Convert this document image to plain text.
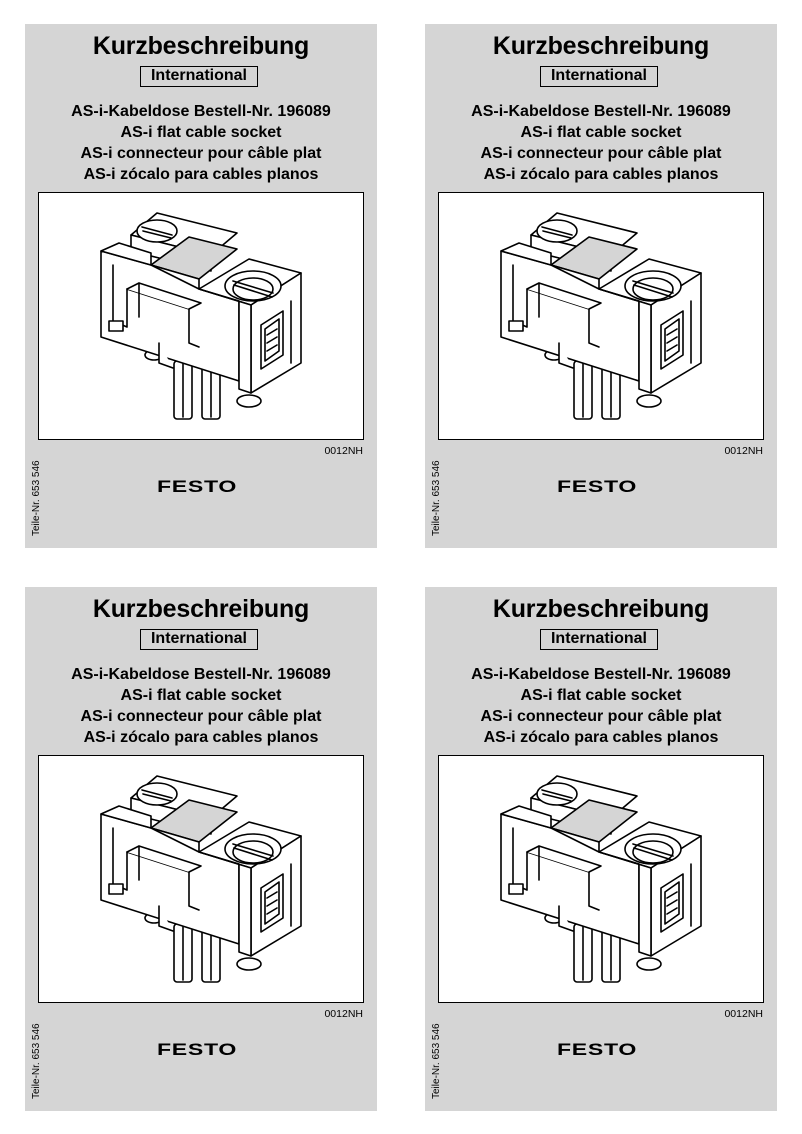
Kurzbeschreibung
International
AS-i-Kabeldose Bestell-Nr. 196089
AS-i flat cable socket
AS-i connecteur pour câble plat
AS-i zócalo para cables planos
0012NH
Teile-Nr. 653 546	FESTO
Kurzbeschreibung
International
AS-i-Kabeldose Bestell-Nr. 196089
AS-i flat cable socket
AS-i connecteur pour câble plat
AS-i zócalo para cables planos
0012NH
Teile-Nr. 653 546	FESTO
Kurzbeschreibung
International
AS-i-Kabeldose Bestell-Nr. 196089
AS-i flat cable socket
AS-i connecteur pour câble plat
AS-i zócalo para cables planos
0012NH
Teile-Nr. 653 546	FESTO
Kurzbeschreibung
International
AS-i-Kabeldose Bestell-Nr. 196089
AS-i flat cable socket
AS-i connecteur pour câble plat
AS-i zócalo para cables planos
0012NH
Teile-Nr. 653 546	FESTO
